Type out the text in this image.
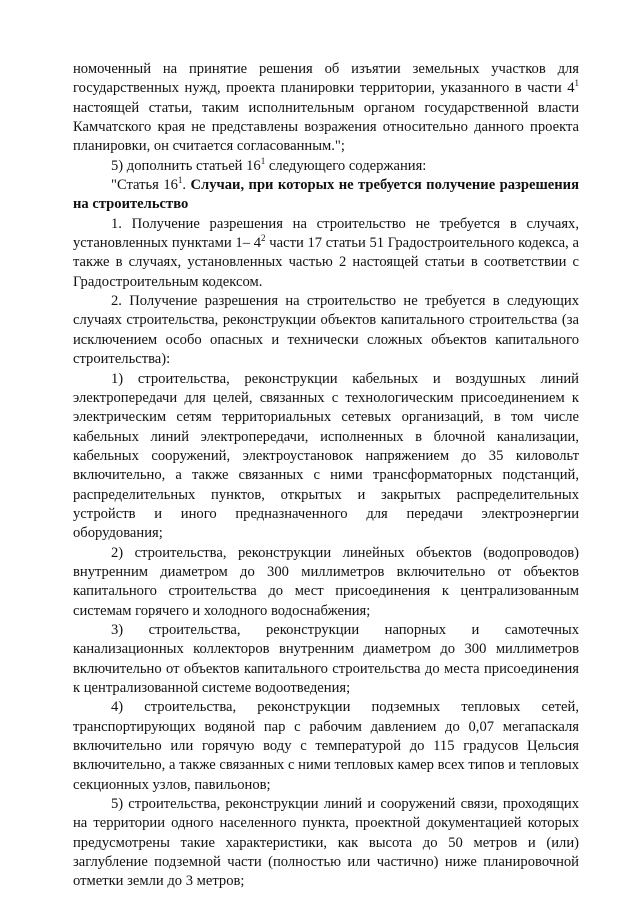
номоченный на принятие решения об изъятии земельных участков для государственных нужд, проекта планировки территории, указанного в части $4^1$ настоящей статьи, таким исполнительным органом государственной власти Камчатского края не представлены возражения относительно данного проекта планировки, он считается согласованным.";

5) дополнить статьей $16^1$ следующего содержания:

"Статья $16^1$. Случаи, при которых не требуется получение разрешения на строительство

1. Получение разрешения на строительство не требуется в случаях, установленных пунктами 1– $4^2$ части 17 статьи 51 Градостроительного кодекса, а также в случаях, установленных частью 2 настоящей статьи в соответствии с Градостроительным кодексом.

2. Получение разрешения на строительство не требуется в следующих случаях строительства, реконструкции объектов капитального строительства (за исключением особо опасных и технически сложных объектов капитального строительства):

1) строительства, реконструкции кабельных и воздушных линий электропередачи для целей, связанных с технологическим присоединением к электрическим сетям территориальных сетевых организаций, в том числе кабельных линий электропередачи, исполненных в блочной канализации, кабельных сооружений, электроустановок напряжением до 35 киловольт включительно, а также связанных с ними трансформаторных подстанций, распределительных пунктов, открытых и закрытых распределительных устройств и иного предназначенного для передачи электроэнергии оборудования;

2) строительства, реконструкции линейных объектов (водопроводов) внутренним диаметром до 300 миллиметров включительно от объектов капитального строительства до мест присоединения к централизованным системам горячего и холодного водоснабжения;

3) строительства, реконструкции напорных и самотечных канализационных коллекторов внутренним диаметром до 300 миллиметров включительно от объектов капитального строительства до места присоединения к централизованной системе водоотведения;

4) строительства, реконструкции подземных тепловых сетей, транспортирующих водяной пар с рабочим давлением до 0,07 мегапаскаля включительно или горячую воду с температурой до 115 градусов Цельсия включительно, а также связанных с ними тепловых камер всех типов и тепловых секционных узлов, павильонов;

5) строительства, реконструкции линий и сооружений связи, проходящих на территории одного населенного пункта, проектной документацией которых предусмотрены такие характеристики, как высота до 50 метров и (или) заглубление подземной части (полностью или частично) ниже планировочной отметки земли до 3 метров;
